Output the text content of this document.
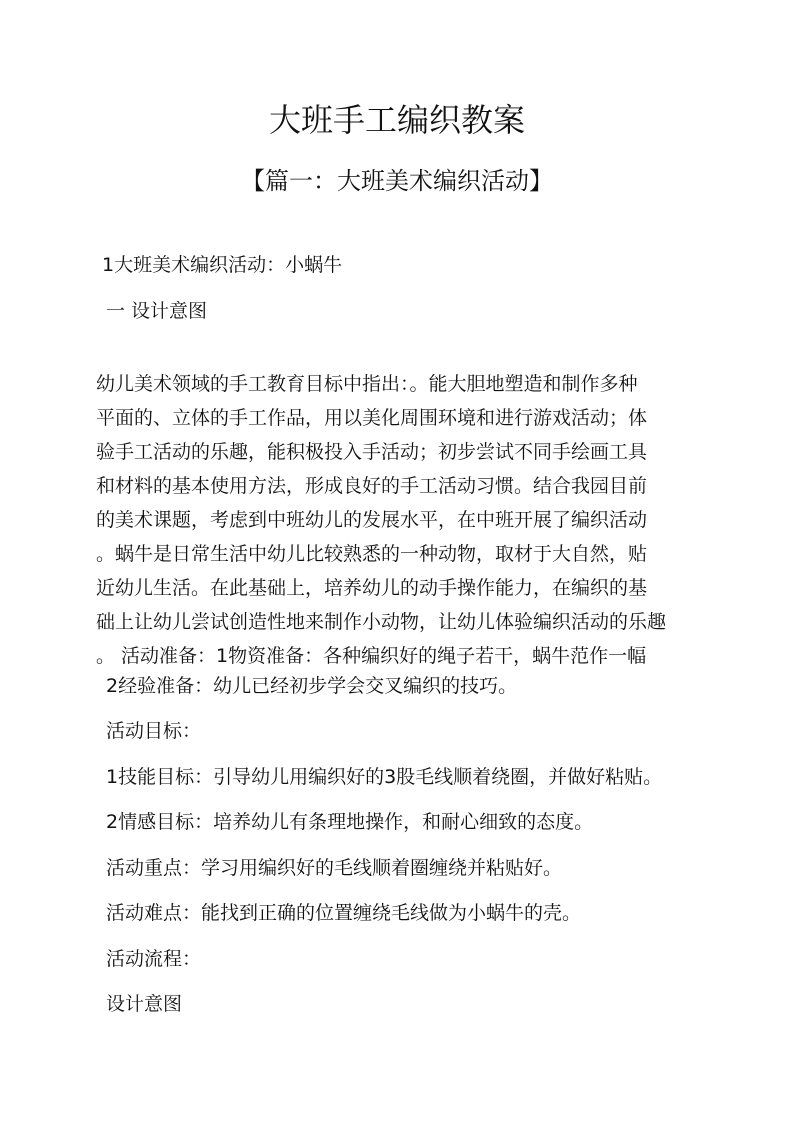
大班手工编织教案
【篇一：大班美术编织活动】
1大班美术编织活动：小蜗牛
一 设计意图
幼儿美术领域的手工教育目标中指出：。能大胆地塑造和制作多种
平面的、立体的手工作品，用以美化周围环境和进行游戏活动；体
验手工活动的乐趣，能积极投入手活动；初步尝试不同手绘画工具
和材料的基本使用方法，形成良好的手工活动习惯。结合我园目前
的美术课题，考虑到中班幼儿的发展水平，在中班开展了编织活动
。蜗牛是日常生活中幼儿比较熟悉的一种动物，取材于大自然，贴
近幼儿生活。在此基础上，培养幼儿的动手操作能力，在编织的基
础上让幼儿尝试创造性地来制作小动物，让幼儿体验编织活动的乐趣
。 活动准备：1物资准备：各种编织好的绳子若干，蜗牛范作一幅
2经验准备：幼儿已经初步学会交叉编织的技巧。
活动目标：
1技能目标：引导幼儿用编织好的3股毛线顺着绕圈，并做好粘贴。
2情感目标：培养幼儿有条理地操作，和耐心细致的态度。
活动重点：学习用编织好的毛线顺着圈缠绕并粘贴好。
活动难点：能找到正确的位置缠绕毛线做为小蜗牛的壳。
活动流程：
设计意图
